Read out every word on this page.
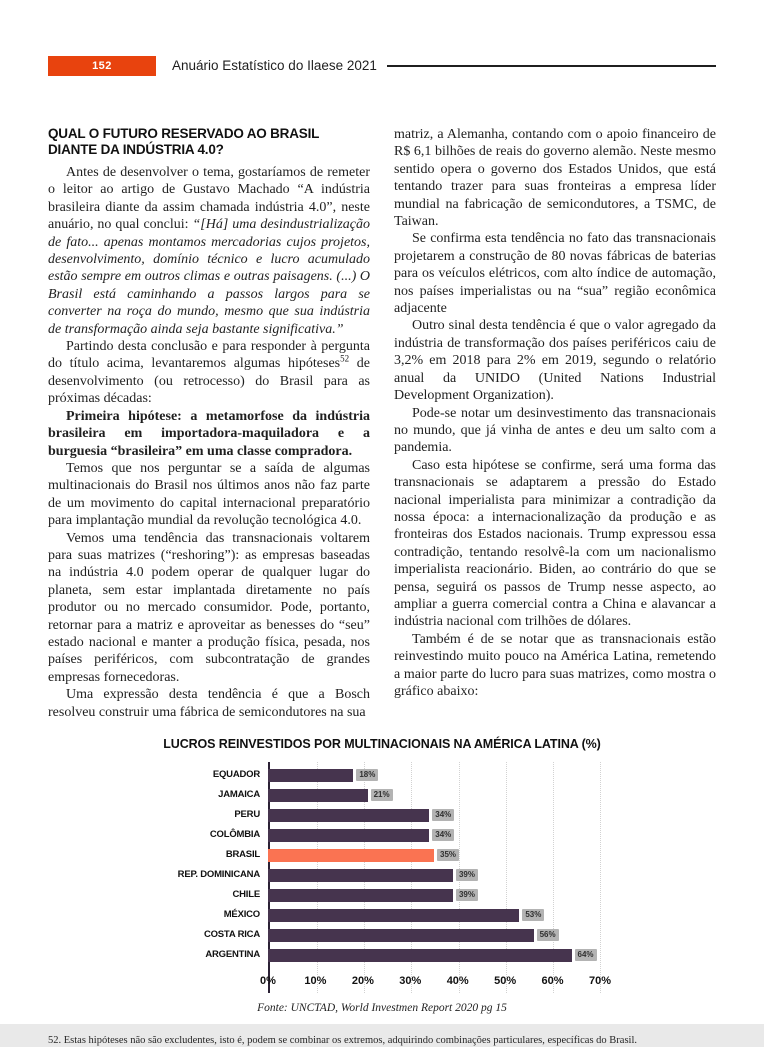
152	Anuário Estatístico do Ilaese 2021
QUAL O FUTURO RESERVADO AO BRASIL DIANTE DA INDÚSTRIA 4.0?

Antes de desenvolver o tema, gostaríamos de remeter o leitor ao artigo de Gustavo Machado “A indústria brasileira diante da assim chamada indústria 4.0”, neste anuário, no qual conclui: “[Há] uma desindustrialização de fato... apenas montamos mercadorias cujos projetos, desenvolvimento, domínio técnico e lucro acumulado estão sempre em outros climas e outras paisagens. (...) O Brasil está caminhando a passos largos para se converter na roça do mundo, mesmo que sua indústria de transformação ainda seja bastante significativa.”

Partindo desta conclusão e para responder à pergunta do título acima, levantaremos algumas hipóteses$^{52}$ de desenvolvimento (ou retrocesso) do Brasil para as próximas décadas:

Primeira hipótese: a metamorfose da indústria brasileira em importadora-maquiladora e a burguesia “brasileira” em uma classe compradora.

Temos que nos perguntar se a saída de algumas multinacionais do Brasil nos últimos anos não faz parte de um movimento do capital internacional preparatório para implantação mundial da revolução tecnológica 4.0.

Vemos uma tendência das transnacionais voltarem para suas matrizes (“reshoring”): as empresas baseadas na indústria 4.0 podem operar de qualquer lugar do planeta, sem estar implantada diretamente no país produtor ou no mercado consumidor. Pode, portanto, retornar para a matriz e aproveitar as benesses do “seu” estado nacional e manter a produção física, pesada, nos países periféricos, com subcontratação de grandes empresas fornecedoras.

Uma expressão desta tendência é que a Bosch resolveu construir uma fábrica de semicondutores na sua

matriz, a Alemanha, contando com o apoio financeiro de R$ 6,1 bilhões de reais do governo alemão. Neste mesmo sentido opera o governo dos Estados Unidos, que está tentando trazer para suas fronteiras a empresa líder mundial na fabricação de semicondutores, a TSMC, de Taiwan.

Se confirma esta tendência no fato das transnacionais projetarem a construção de 80 novas fábricas de baterias para os veículos elétricos, com alto índice de automação, nos países imperialistas ou na “sua” região econômica adjacente

Outro sinal desta tendência é que o valor agregado da indústria de transformação dos países periféricos caiu de 3,2% em 2018 para 2% em 2019, segundo o relatório anual da UNIDO (United Nations Industrial Development Organization).

Pode-se notar um desinvestimento das transnacionais no mundo, que já vinha de antes e deu um salto com a pandemia.

Caso esta hipótese se confirme, será uma forma das transnacionais se adaptarem a pressão do Estado nacional imperialista para minimizar a contradição da nossa época: a internacionalização da produção e as fronteiras dos Estados nacionais. Trump expressou essa contradição, tentando resolvê-la com um nacionalismo imperialista reacionário. Biden, ao contrário do que se pensa, seguirá os passos de Trump nesse aspecto, ao ampliar a guerra comercial contra a China e alavancar a indústria nacional com trilhões de dólares.

Também é de se notar que as transnacionais estão reinvestindo muito pouco na América Latina, remetendo a maior parte do lucro para suas matrizes, como mostra o gráfico abaixo:

LUCROS REINVESTIDOS POR MULTINACIONAIS NA AMÉRICA LATINA (%)
EQUADOR	18%
JAMAICA	21%
PERU	34%
COLÔMBIA	34%
BRASIL	35%
REP. DOMINICANA	39%
CHILE	39%
MÉXICO	53%
COSTA RICA	56%
ARGENTINA	64%
0%	10% 20% 30% 40% 50% 60% 70%
Fonte: UNCTAD, World Investmen Report 2020 pg 15
52. Estas hipóteses não são excludentes, isto é, podem se combinar os extremos, adquirindo combinações particulares, específicas do Brasil.
